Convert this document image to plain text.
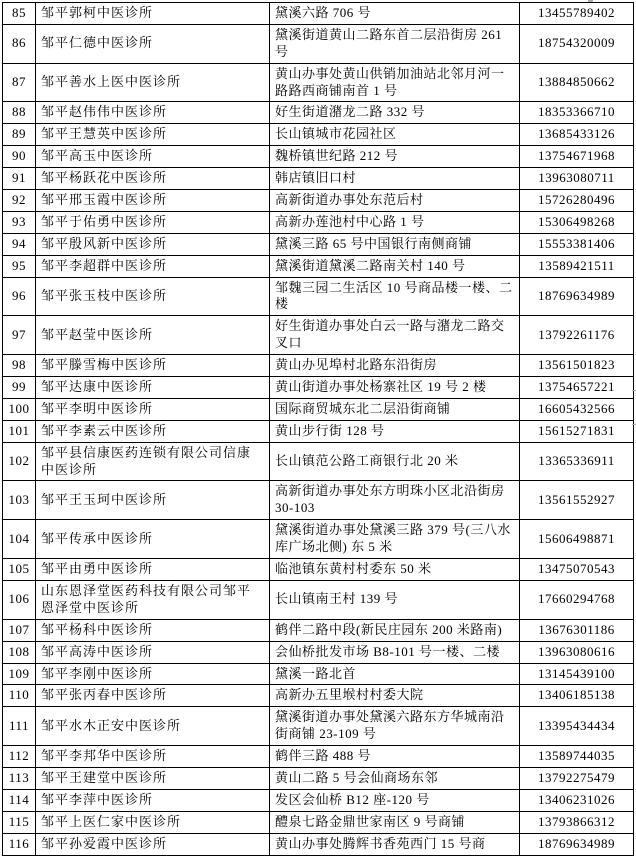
85	邹平郭柯中医诊所	黛溪六路 706 号	13455789402
86	邹平仁德中医诊所	黛溪街道黄山二路东首二层沿街房 261 号	18754320009
87	邹平善水上医中医诊所	黄山办事处黄山供销加油站北邻月河一路路西商铺南首 1 号	13884850662
88	邹平赵伟伟中医诊所	好生街道潴龙二路 332 号	18353366710
89	邹平王慧英中医诊所	长山镇城市花园社区	13685433126
90	邹平高玉中医诊所	魏桥镇世纪路 212 号	13754671968
91	邹平杨跃花中医诊所	韩店镇旧口村	13963080711
92	邹平邢玉霞中医诊所	高新街道办事处东范后村	15726280496
93	邹平于佑勇中医诊所	高新办莲池村中心路 1 号	15306498268
94	邹平殷风新中医诊所	黛溪三路 65 号中国银行南侧商铺	15553381406
95	邹平李超群中医诊所	黛溪街道黛溪二路南关村 140 号	13589421511
96	邹平张玉枝中医诊所	邹魏三园二生活区 10 号商品楼一楼、二楼	18769634989
97	邹平赵莹中医诊所	好生街道办事处白云一路与潴龙二路交叉口	13792261176
98	邹平滕雪梅中医诊所	黄山办见埠村北路东沿街房	13561501823
99	邹平达康中医诊所	黄山街道办事处杨寨社区 19 号 2 楼	13754657221
100	邹平李明中医诊所	国际商贸城东北二层沿街商铺	16605432566
101	邹平李素云中医诊所	黄山步行街 128 号	15615271831
102	邹平县信康医药连锁有限公司信康中医诊所	长山镇范公路工商银行北 20 米	13365336911
103	邹平王玉珂中医诊所	高新街道办事处东方明珠小区北沿街房 30-103	13561552927
104	邹平传承中医诊所	黛溪街道办事处黛溪三路 379 号(三八水库广场北侧) 东 5 米	15606498871
105	邹平由勇中医诊所	临池镇东黄村村委东 50 米	13475070543
106	山东恩泽堂医药科技有限公司邹平恩泽堂中医诊所	长山镇南王村 139 号	17660294768
107	邹平杨科中医诊所	鹤伴二路中段(新民庄园东 200 米路南)	13676301186
108	邹平高涛中医诊所	会仙桥批发市场 B8-101 号一楼、二楼	13963080616
109	邹平李刚中医诊所	黛溪一路北首	13145439100
110	邹平张丙春中医诊所	高新办五里堠村村委大院	13406185138
111	邹平水木正安中医诊所	黛溪街道办事处黛溪六路东方华城南沿街商铺 23-109 号	13395434434
112	邹平李邦华中医诊所	鹤伴三路 488 号	13589744035
113	邹平王建堂中医诊所	黄山二路 5 号会仙商场东邻	13792275479
114	邹平李萍中医诊所	发区会仙桥 B12 座-120 号	13406231026
115	邹平上医仁家中医诊所	醴泉七路金鼎世家南区 9 号商铺	13793866312
116	邹平孙爱霞中医诊所	黄山办事处腾辉书香苑西门 15 号商	18769634989
